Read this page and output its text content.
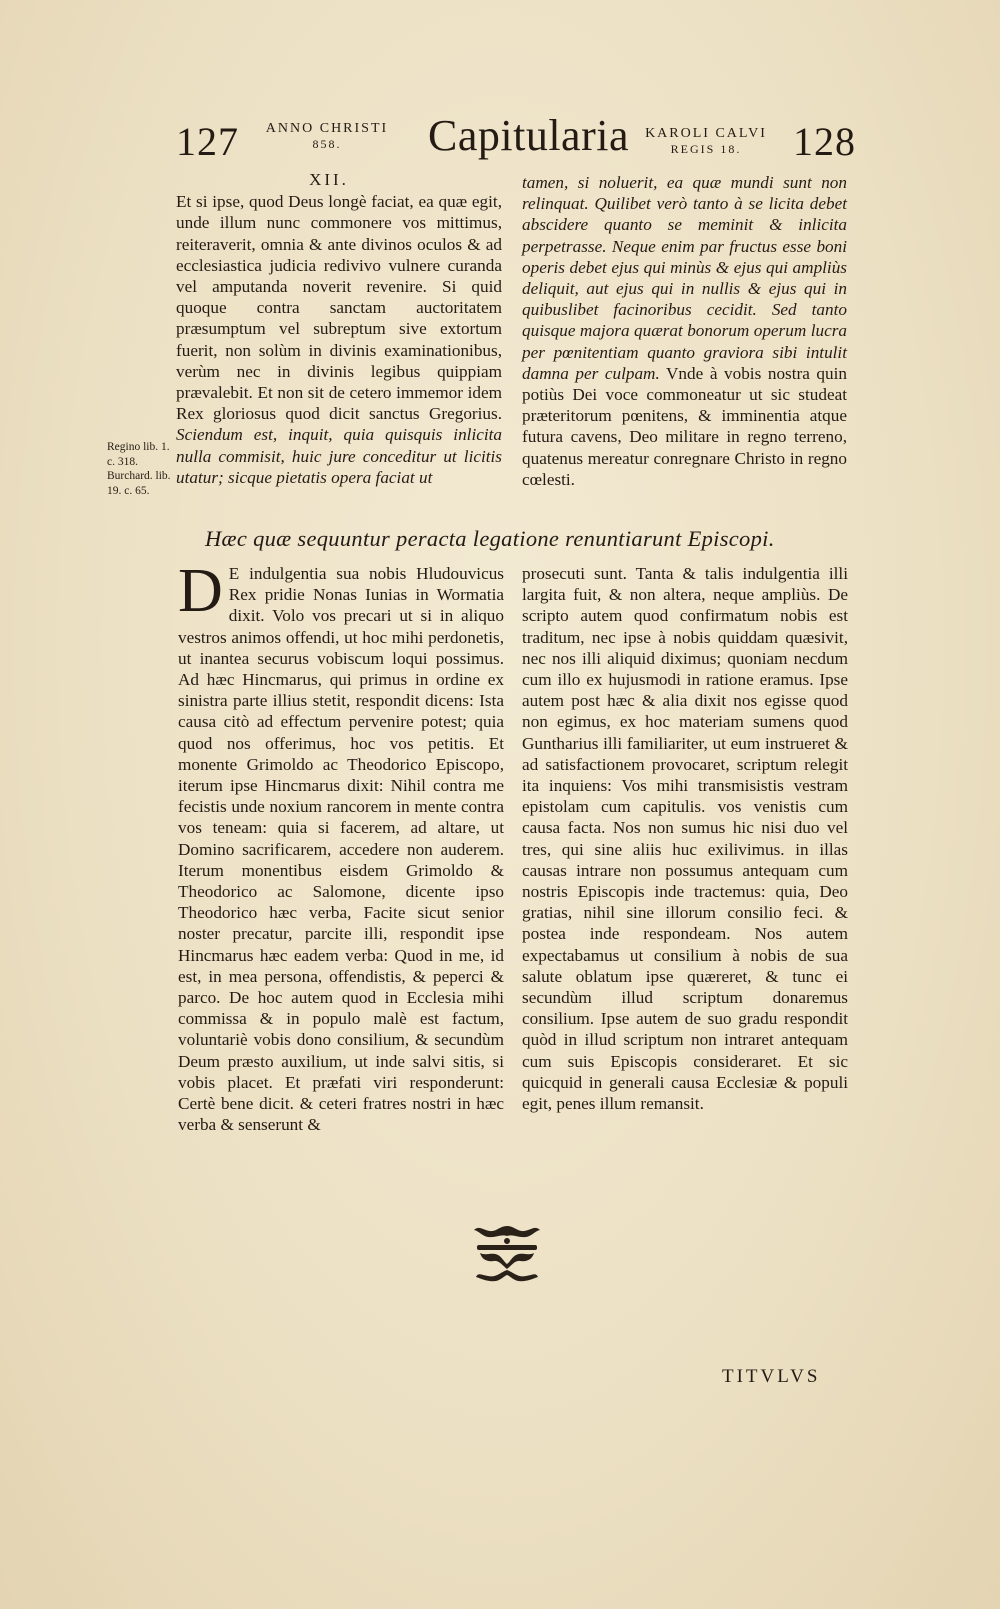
127 ANNO CHRISTI
858.	Capitularia	KAROLI CALVI
REGIS 18.	128
XII.

Et si ipse, quod Deus longè faciat, ea quæ egit, unde illum nunc commonere vos mittimus, reiteraverit, omnia & ante divinos oculos & ad ecclesiastica judicia redivivo vulnere curanda vel amputanda noverit revenire. Si quid quoque contra sanctam auctoritatem præsumptum vel subreptum sive extortum fuerit, non solùm in divinis examinationibus, verùm nec in divinis legibus quippiam prævalebit. Et non sit de cetero immemor idem Rex gloriosus quod dicit sanctus Gregorius. Sciendum est, inquit, quia quisquis inlicita nulla commisit, huic jure conceditur ut licitis utatur; sicque pietatis opera faciat ut

Regino lib. 1. c. 318. Burchard. lib. 19. c. 65.

tamen, si noluerit, ea quæ mundi sunt non relinquat. Quilibet verò tanto à se licita debet abscidere quanto se meminit & inlicita perpetrasse. Neque enim par fructus esse boni operis debet ejus qui minùs & ejus qui ampliùs deliquit, aut ejus qui in nullis & ejus qui in quibuslibet facinoribus cecidit. Sed tanto quisque majora quærat bonorum operum lucra per pœnitentiam quanto graviora sibi intulit damna per culpam. Vnde à vobis nostra quin potiùs Dei voce commoneatur ut sic studeat præteritorum pœnitens, & imminentia atque futura cavens, Deo militare in regno terreno, quatenus mereatur conregnare Christo in regno cœlesti.

Hæc quæ sequuntur peracta legatione renuntiarunt Episcopi.

D E indulgentia sua nobis Hludouvicus Rex pridie Nonas Iunias in Wormatia dixit. Volo vos precari ut si in aliquo vestros animos offendi, ut hoc mihi perdonetis, ut inantea securus vobiscum loqui possimus. Ad hæc Hincmarus, qui primus in ordine ex sinistra parte illius stetit, respondit dicens: Ista causa citò ad effectum pervenire potest; quia quod nos offerimus, hoc vos petitis. Et monente Grimoldo ac Theodorico Episcopo, iterum ipse Hincmarus dixit: Nihil contra me fecistis unde noxium rancorem in mente contra vos teneam: quia si facerem, ad altare, ut Domino sacrificarem, accedere non auderem. Iterum monentibus eisdem Grimoldo & Theodorico ac Salomone, dicente ipso Theodorico hæc verba, Facite sicut senior noster precatur, parcite illi, respondit ipse Hincmarus hæc eadem verba: Quod in me, id est, in mea persona, offendistis, & peperci & parco. De hoc autem quod in Ecclesia mihi commissa & in populo malè est factum, voluntariè vobis dono consilium, & secundùm Deum præsto auxilium, ut inde salvi sitis, si vobis placet. Et præfati viri responderunt: Certè bene dicit. & ceteri fratres nostri in hæc verba & senserunt &

prosecuti sunt. Tanta & talis indulgentia illi largita fuit, & non altera, neque ampliùs. De scripto autem quod confirmatum nobis est traditum, nec ipse à nobis quiddam quæsivit, nec nos illi aliquid diximus; quoniam necdum cum illo ex hujusmodi in ratione eramus. Ipse autem post hæc & alia dixit nos egisse quod non egimus, ex hoc materiam sumens quod Guntharius illi familiariter, ut eum instrueret & ad satisfactionem provocaret, scriptum relegit ita inquiens: Vos mihi transmisistis vestram epistolam cum capitulis. vos venistis cum causa facta. Nos non sumus hic nisi duo vel tres, qui sine aliis huc exilivimus. in illas causas intrare non possumus antequam cum nostris Episcopis inde tractemus: quia, Deo gratias, nihil sine illorum consilio feci. & postea inde respondeam. Nos autem expectabamus ut consilium à nobis de sua salute oblatum ipse quæreret, & tunc ei secundùm illud scriptum donaremus consilium. Ipse autem de suo gradu respondit quòd in illud scriptum non intraret antequam cum suis Episcopis consideraret. Et sic quicquid in generali causa Ecclesiæ & populi egit, penes illum remansit.

TITVLVS
